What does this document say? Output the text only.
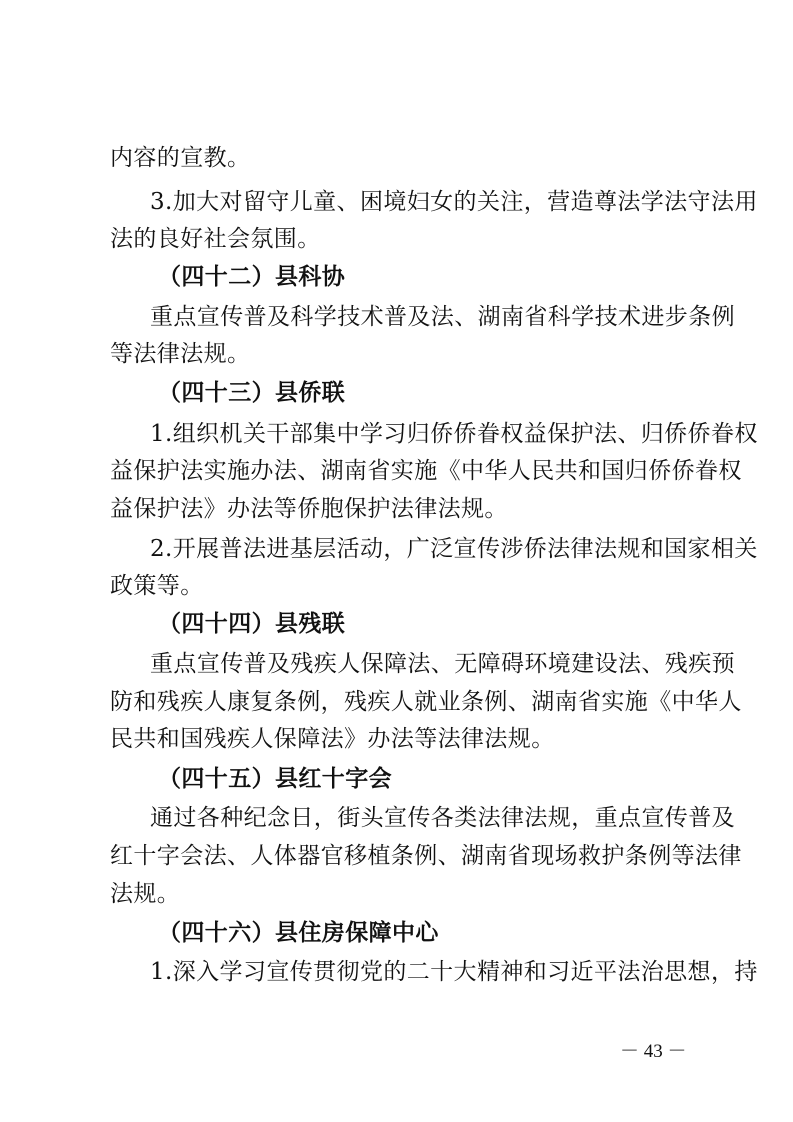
内容的宣教。
3.加大对留守儿童、困境妇女的关注，营造尊法学法守法用
法的良好社会氛围。
（四十二）县科协
重点宣传普及科学技术普及法、湖南省科学技术进步条例
等法律法规。
（四十三）县侨联
1.组织机关干部集中学习归侨侨眷权益保护法、归侨侨眷权
益保护法实施办法、湖南省实施《中华人民共和国归侨侨眷权
益保护法》办法等侨胞保护法律法规。
2.开展普法进基层活动，广泛宣传涉侨法律法规和国家相关
政策等。
（四十四）县残联
重点宣传普及残疾人保障法、无障碍环境建设法、残疾预
防和残疾人康复条例，残疾人就业条例、湖南省实施《中华人
民共和国残疾人保障法》办法等法律法规。
（四十五）县红十字会
通过各种纪念日，街头宣传各类法律法规，重点宣传普及
红十字会法、人体器官移植条例、湖南省现场救护条例等法律
法规。
（四十六）县住房保障中心
1.深入学习宣传贯彻党的二十大精神和习近平法治思想，持
－ 43 －
